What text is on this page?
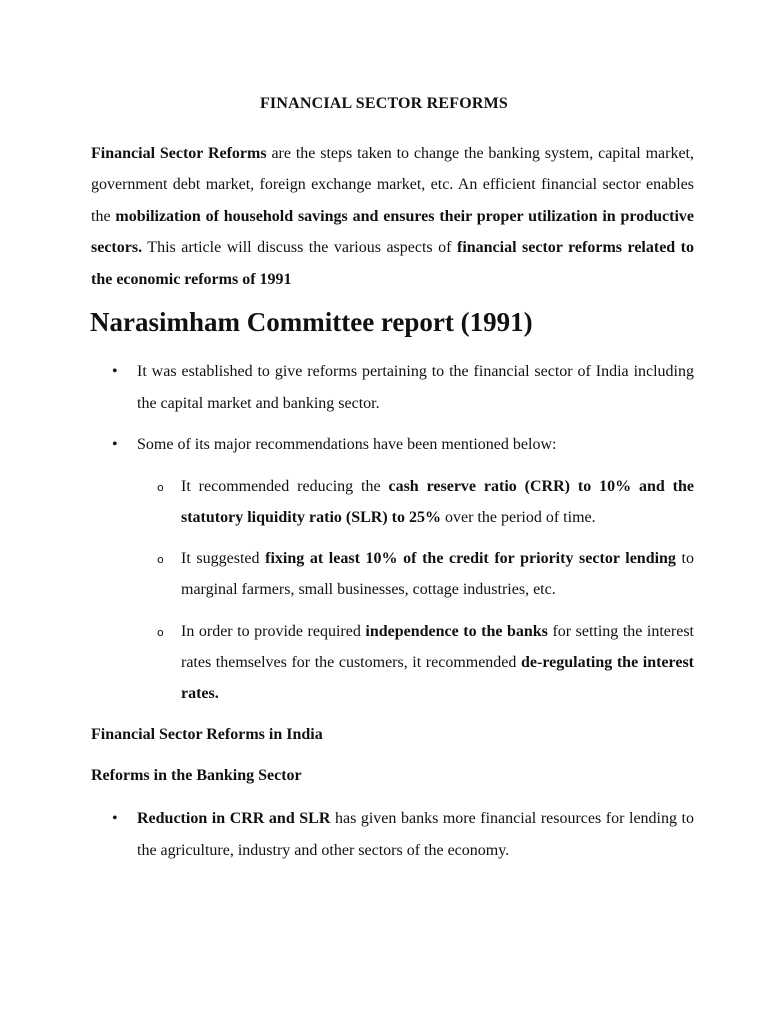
FINANCIAL SECTOR REFORMS

Financial Sector Reforms are the steps taken to change the banking system, capital market, government debt market, foreign exchange market, etc. An efficient financial sector enables the mobilization of household savings and ensures their proper utilization in productive sectors. This article will discuss the various aspects of financial sector reforms related to the economic reforms of 1991

Narasimham Committee report (1991)

• It was established to give reforms pertaining to the financial sector of India including the capital market and banking sector.

• Some of its major recommendations have been mentioned below:

o It recommended reducing the cash reserve ratio (CRR) to 10% and the statutory liquidity ratio (SLR) to 25% over the period of time.

o It suggested fixing at least 10% of the credit for priority sector lending to marginal farmers, small businesses, cottage industries, etc.

o In order to provide required independence to the banks for setting the interest rates themselves for the customers, it recommended de-regulating the interest rates.

Financial Sector Reforms in India
Reforms in the Banking Sector

• Reduction in CRR and SLR has given banks more financial resources for lending to the agriculture, industry and other sectors of the economy.
